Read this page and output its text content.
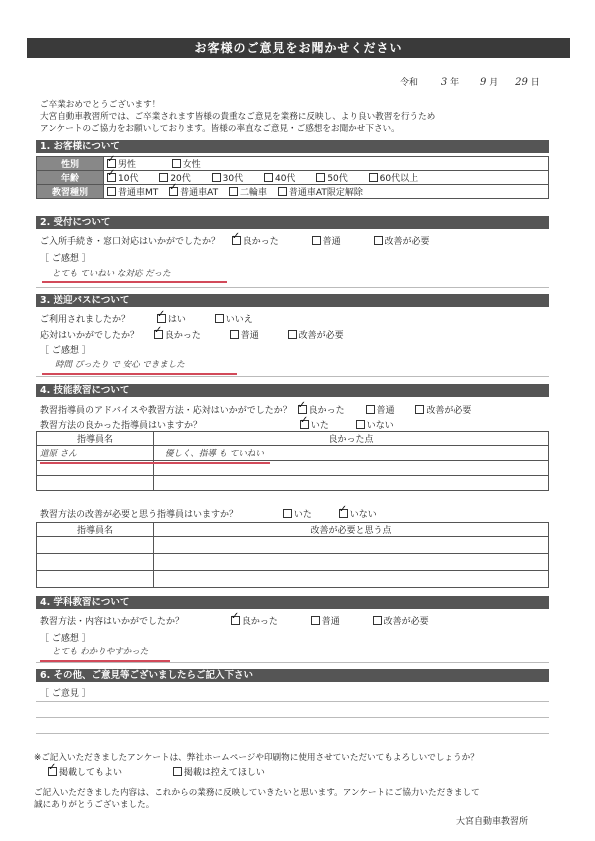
お客様のご意見をお聞かせください
令和 3 年 9 月 29 日
ご卒業おめでとうございます！
大宮自動車教習所では、ご卒業されます皆様の貴重なご意見を業務に反映し、より良い教習を行うため
アンケートのご協力をお願いしております。皆様の率直なご意見・ご感想をお聞かせ下さい。
1. お客様について
性別	✓男性 女性
年齢	✓10代 20代 30代 40代 50代 60代以上
教習種別	普通車MT ✓ 普通車AT 二輪車 普通車AT限定解除
2. 受付について
ご入所手続き・窓口対応はいかがでしたか？ ✓	良かった	普通	改善が必要
［ ご感想 ］
とても ていねい な対応 だった
3. 送迎バスについて
ご利用されましたか？ ✓	はい	いいえ
応対はいかがでしたか？ ✓	良かった	普通	改善が必要
［ ご感想 ］
時間 ぴったり で 安心 できました
4. 技能教習について
教習指導員のアドバイスや教習方法・応対はいかがでしたか？ ✓ 良かった	普通	改善が必要
教習方法の良かった指導員はいますか？ ✓	いた	いない
指導員名	良かった点
道原 さん	優しく、指導 も ていねい

教習方法の改善が必要と思う指導員はいますか？	いた ✓	いない
指導員名	改善が必要と思う点

4. 学科教習について
教習方法・内容はいかがでしたか？ ✓	良かった	普通	改善が必要
［ ご感想 ］
とても わかりやすかった
6. その他、ご意見等ございましたらご記入下さい
［ ご意見 ］
※ご記入いただきましたアンケートは、弊社ホームページや印刷物に使用させていただいてもよろしいでしょうか？
✓掲載してもよい	掲載は控えてほしい
ご記入いただきました内容は、これからの業務に反映していきたいと思います。アンケートにご協力いただきまして
誠にありがとうございました。
大宮自動車教習所
